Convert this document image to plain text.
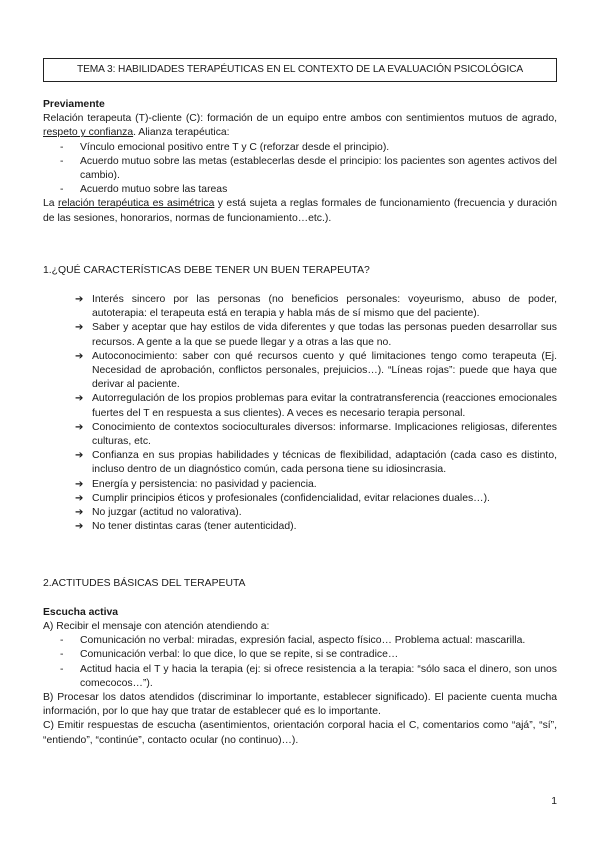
TEMA 3: HABILIDADES TERAPÉUTICAS EN EL CONTEXTO DE LA EVALUACIÓN PSICOLÓGICA
Previamente

Relación terapeuta (T)-cliente (C): formación de un equipo entre ambos con sentimientos mutuos de agrado, respeto y confianza. Alianza terapéutica:

- Vínculo emocional positivo entre T y C (reforzar desde el principio).
- Acuerdo mutuo sobre las metas (establecerlas desde el principio: los pacientes son agentes activos del cambio).
- Acuerdo mutuo sobre las tareas

La relación terapéutica es asimétrica y está sujeta a reglas formales de funcionamiento (frecuencia y duración de las sesiones, honorarios, normas de funcionamiento…etc.).

1.¿QUÉ CARACTERÍSTICAS DEBE TENER UN BUEN TERAPEUTA?
➔ Interés sincero por las personas (no beneficios personales: voyeurismo, abuso de poder, autoterapia: el terapeuta está en terapia y habla más de sí mismo que del paciente).
➔ Saber y aceptar que hay estilos de vida diferentes y que todas las personas pueden desarrollar sus recursos. A gente a la que se puede llegar y a otras a las que no.
➔ Autoconocimiento: saber con qué recursos cuento y qué limitaciones tengo como terapeuta (Ej. Necesidad de aprobación, conflictos personales, prejuicios…). “Líneas rojas”: puede que haya que derivar al paciente.
➔ Autorregulación de los propios problemas para evitar la contratransferencia (reacciones emocionales fuertes del T en respuesta a sus clientes). A veces es necesario terapia personal.
➔ Conocimiento de contextos socioculturales diversos: informarse. Implicaciones religiosas, diferentes culturas, etc.
➔ Confianza en sus propias habilidades y técnicas de flexibilidad, adaptación (cada caso es distinto, incluso dentro de un diagnóstico común, cada persona tiene su idiosincrasia.
➔ Energía y persistencia: no pasividad y paciencia.
➔ Cumplir principios éticos y profesionales (confidencialidad, evitar relaciones duales…).
➔ No juzgar (actitud no valorativa).
➔ No tener distintas caras (tener autenticidad).
2.ACTITUDES BÁSICAS DEL TERAPEUTA
Escucha activa

A) Recibir el mensaje con atención atendiendo a:

- Comunicación no verbal: miradas, expresión facial, aspecto físico… Problema actual: mascarilla.
- Comunicación verbal: lo que dice, lo que se repite, si se contradice…
- Actitud hacia el T y hacia la terapia (ej: si ofrece resistencia a la terapia: “sólo saca el dinero, son unos comecocos…”).

B) Procesar los datos atendidos (discriminar lo importante, establecer significado). El paciente cuenta mucha información, por lo que hay que tratar de establecer qué es lo importante.

C) Emitir respuestas de escucha (asentimientos, orientación corporal hacia el C, comentarios como “ajá”, “sí”, “entiendo”, “continúe”, contacto ocular (no continuo)…).

1
